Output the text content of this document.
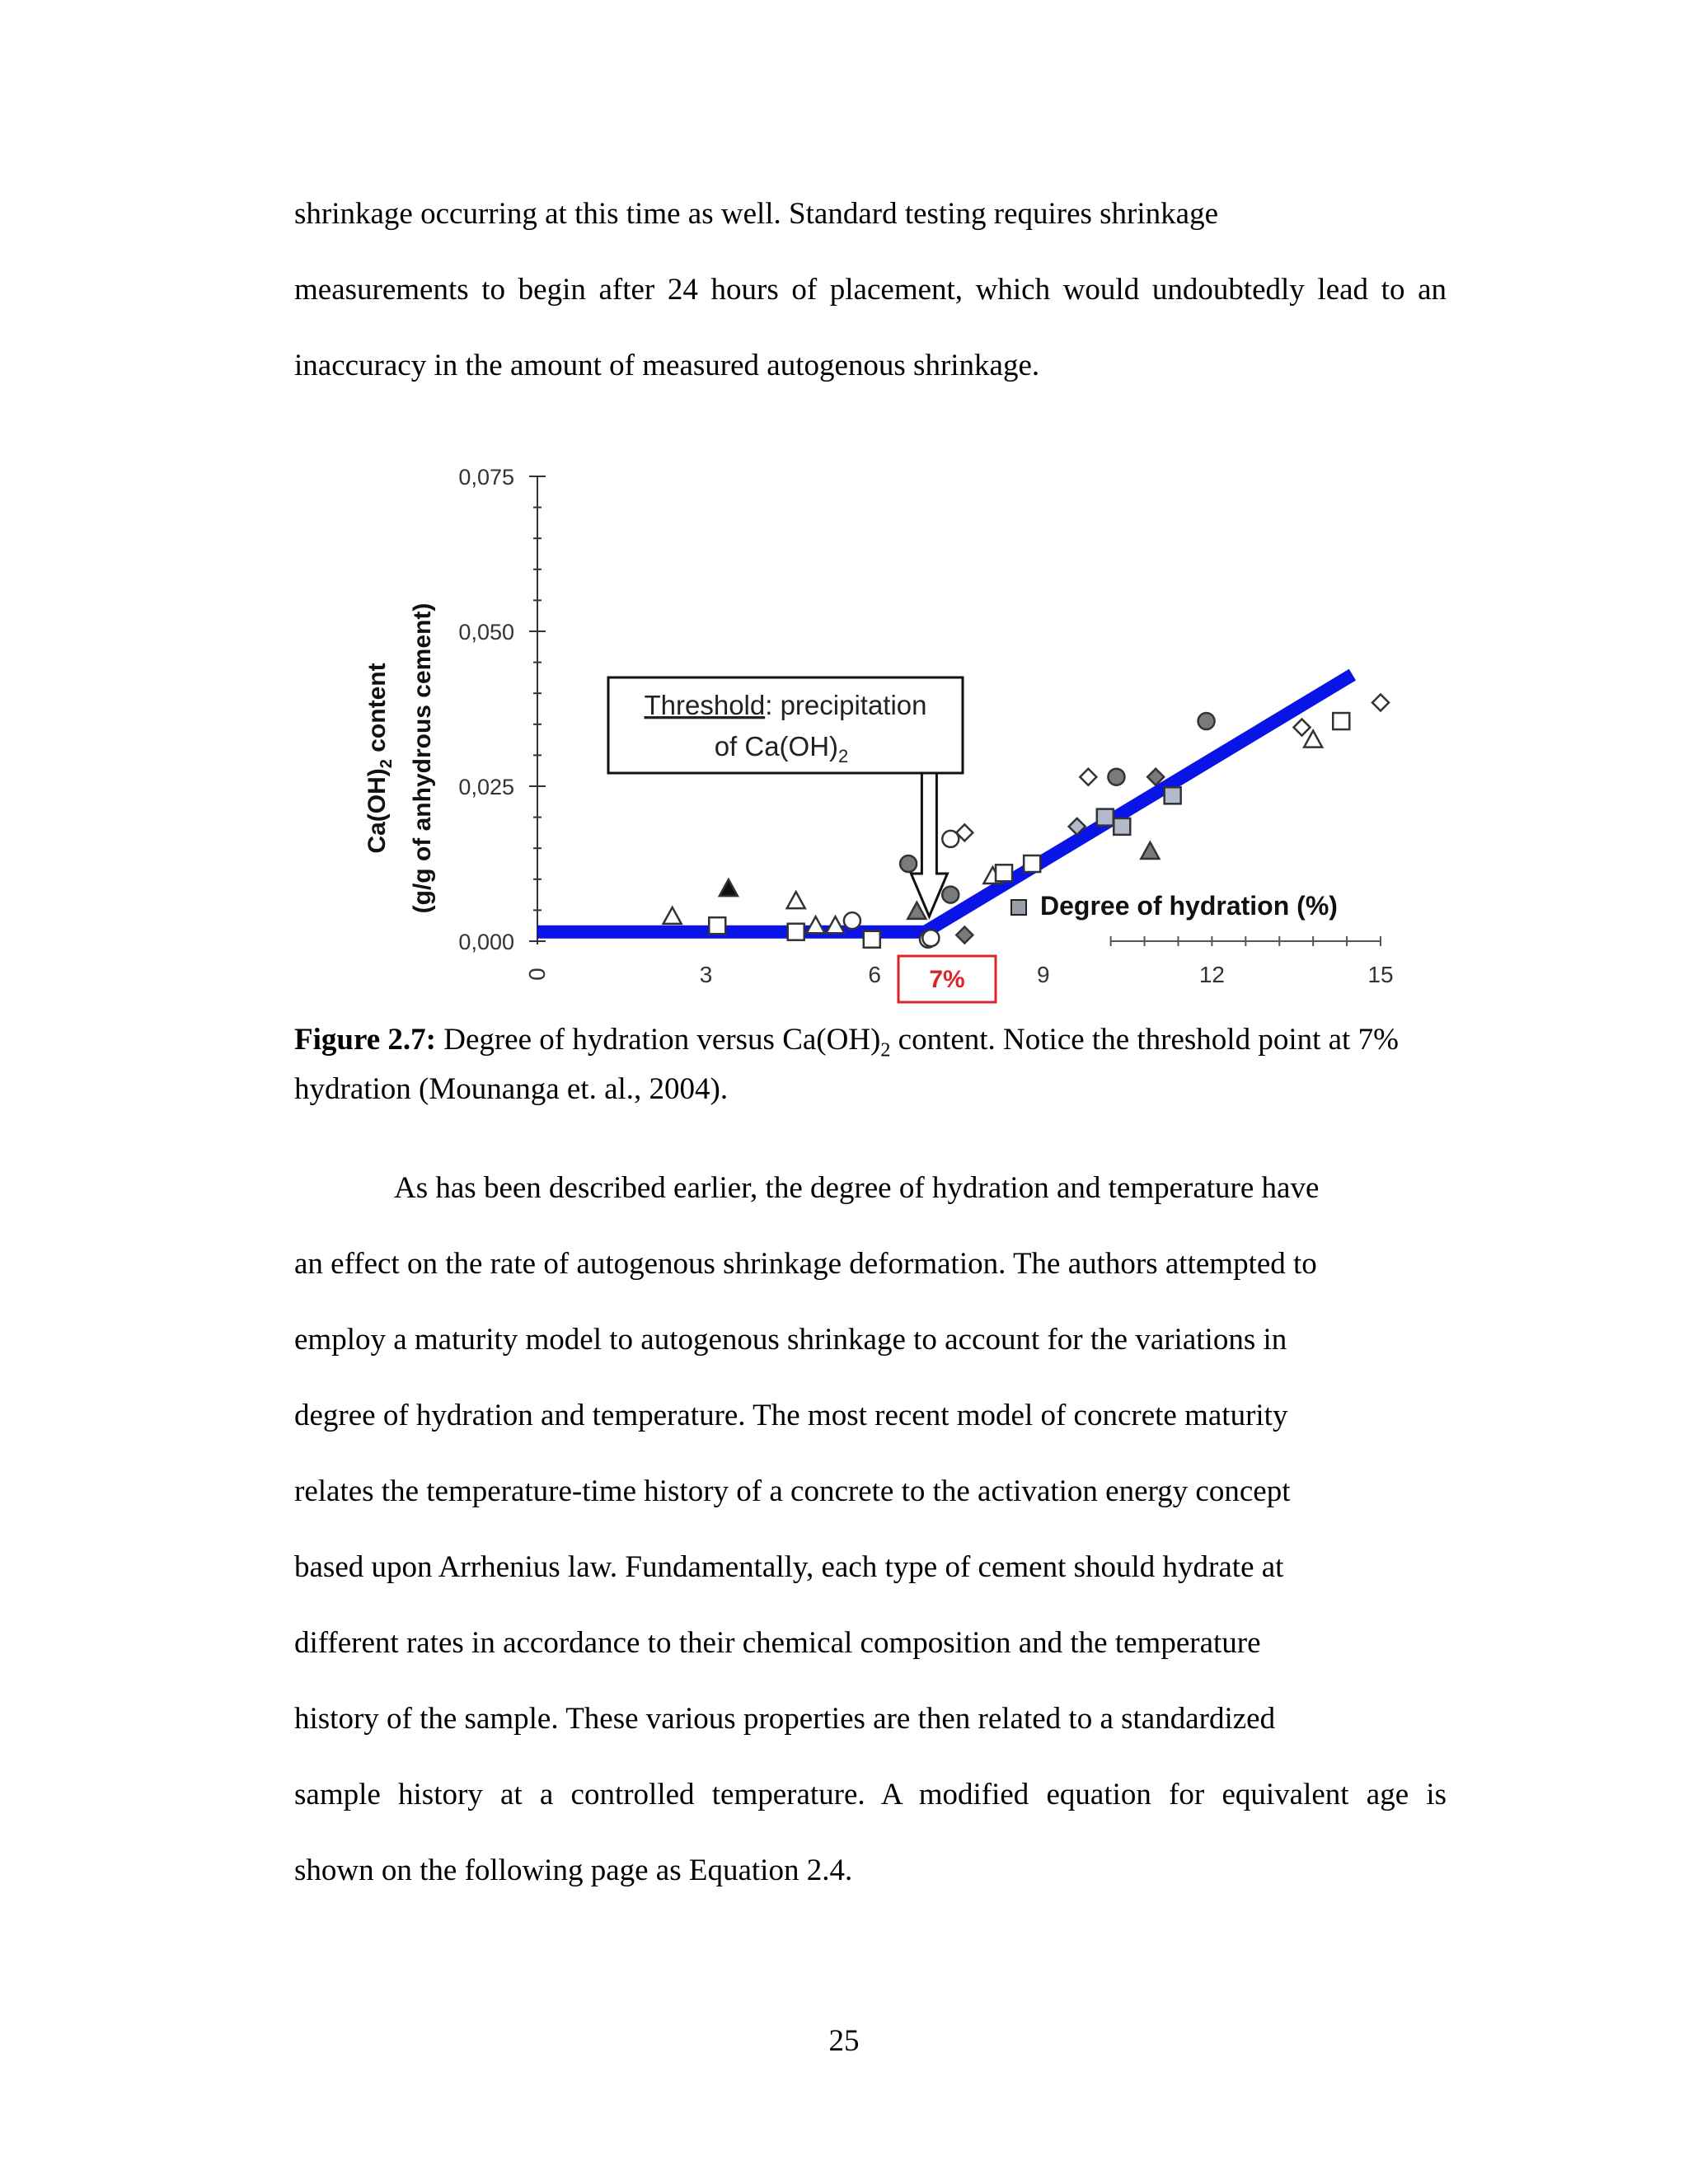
shrinkage occurring at this time as well. Standard testing requires shrinkage
measurements to begin after 24 hours of placement, which would undoubtedly lead to an
inaccuracy in the amount of measured autogenous shrinkage.
0,000
0,025
0,050
0,075
0	3	6	9	12	15
$Ca(OH)_2$ content (g/g of anhydrous cement)	Degree of hydration (%)
Threshold: precipitation
of $Ca(OH)_2$
7%
Figure 2.7: Degree of hydration versus $Ca(OH)_2$ content. Notice the threshold point at 7% hydration (Mounanga et. al., 2004).
As has been described earlier, the degree of hydration and temperature have
an effect on the rate of autogenous shrinkage deformation. The authors attempted to
employ a maturity model to autogenous shrinkage to account for the variations in
degree of hydration and temperature. The most recent model of concrete maturity
relates the temperature-time history of a concrete to the activation energy concept
based upon Arrhenius law. Fundamentally, each type of cement should hydrate at
different rates in accordance to their chemical composition and the temperature
history of the sample. These various properties are then related to a standardized
sample history at a controlled temperature. A modified equation for equivalent age is
shown on the following page as Equation 2.4.
25
